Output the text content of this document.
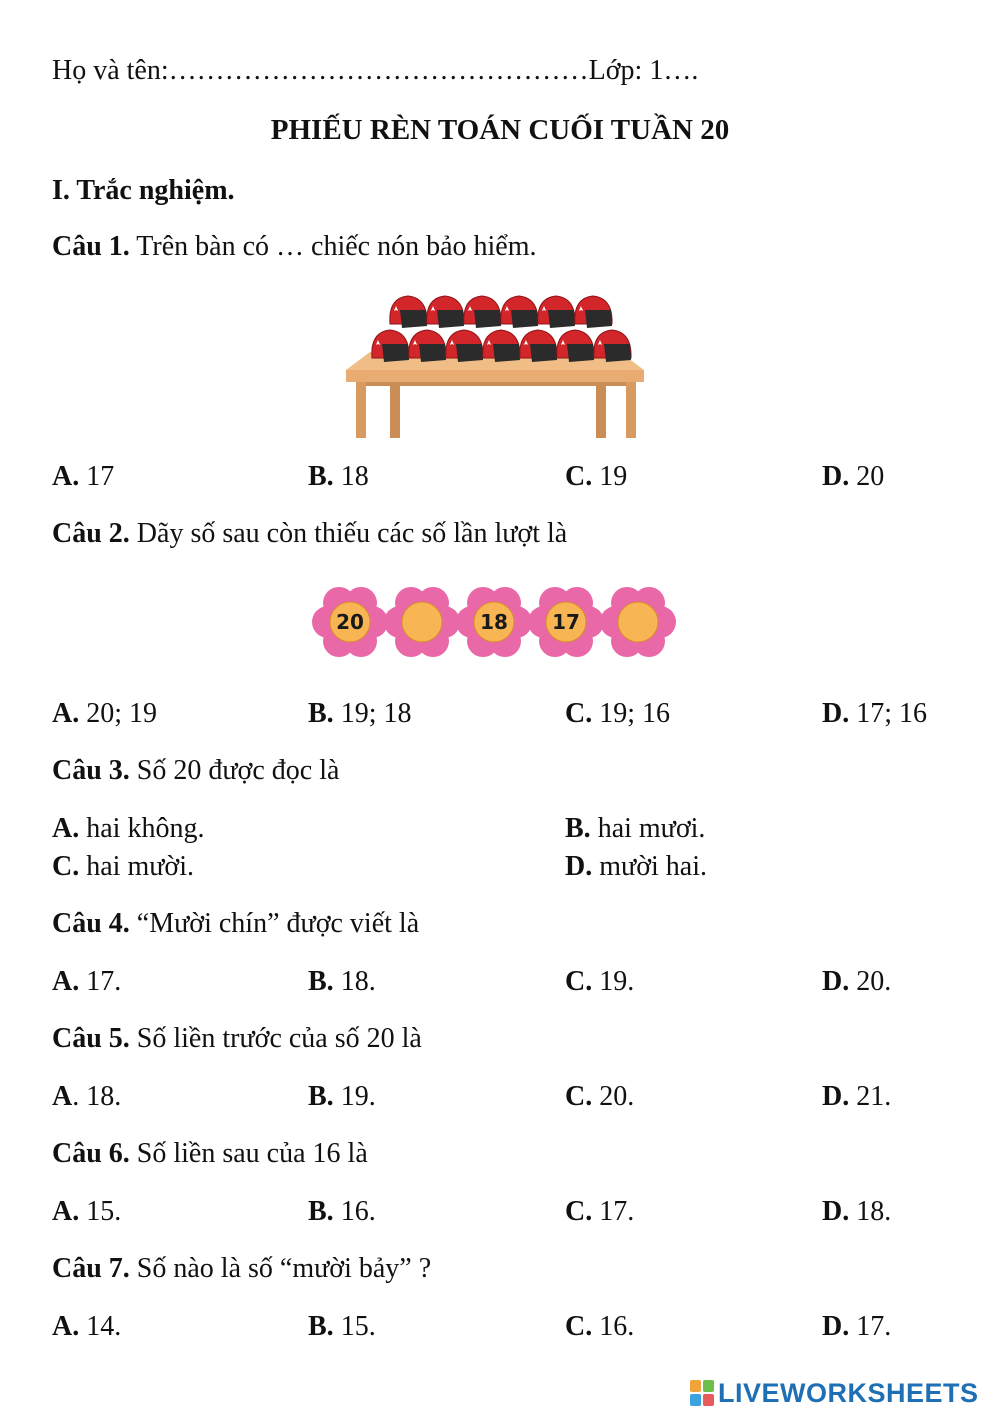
Họ và tên:………………………………………Lớp: 1….
PHIẾU RÈN TOÁN CUỐI TUẦN 20
I. Trắc nghiệm.
Câu 1. Trên bàn có … chiếc nón bảo hiểm.
A. 17	B. 18	C. 19	D. 20
Câu 2. Dãy số sau còn thiếu các số lần lượt là
20	18 17
A. 20; 19	B. 19; 18	C. 19; 16	D. 17; 16
Câu 3. Số 20 được đọc là
A. hai không.	B. hai mươi.
C. hai mười.	D. mười hai.
Câu 4. “Mười chín” được viết là
A. 17.	B. 18.	C. 19.	D. 20.
Câu 5. Số liền trước của số 20 là
A. 18.	B. 19.	C. 20.	D. 21.
Câu 6. Số liền sau của 16 là
A. 15.	B. 16.	C. 17.	D. 18.
Câu 7. Số nào là số “mười bảy” ?
A. 14.	B. 15.	C. 16.	D. 17.
LIVEWORKSHEETS
